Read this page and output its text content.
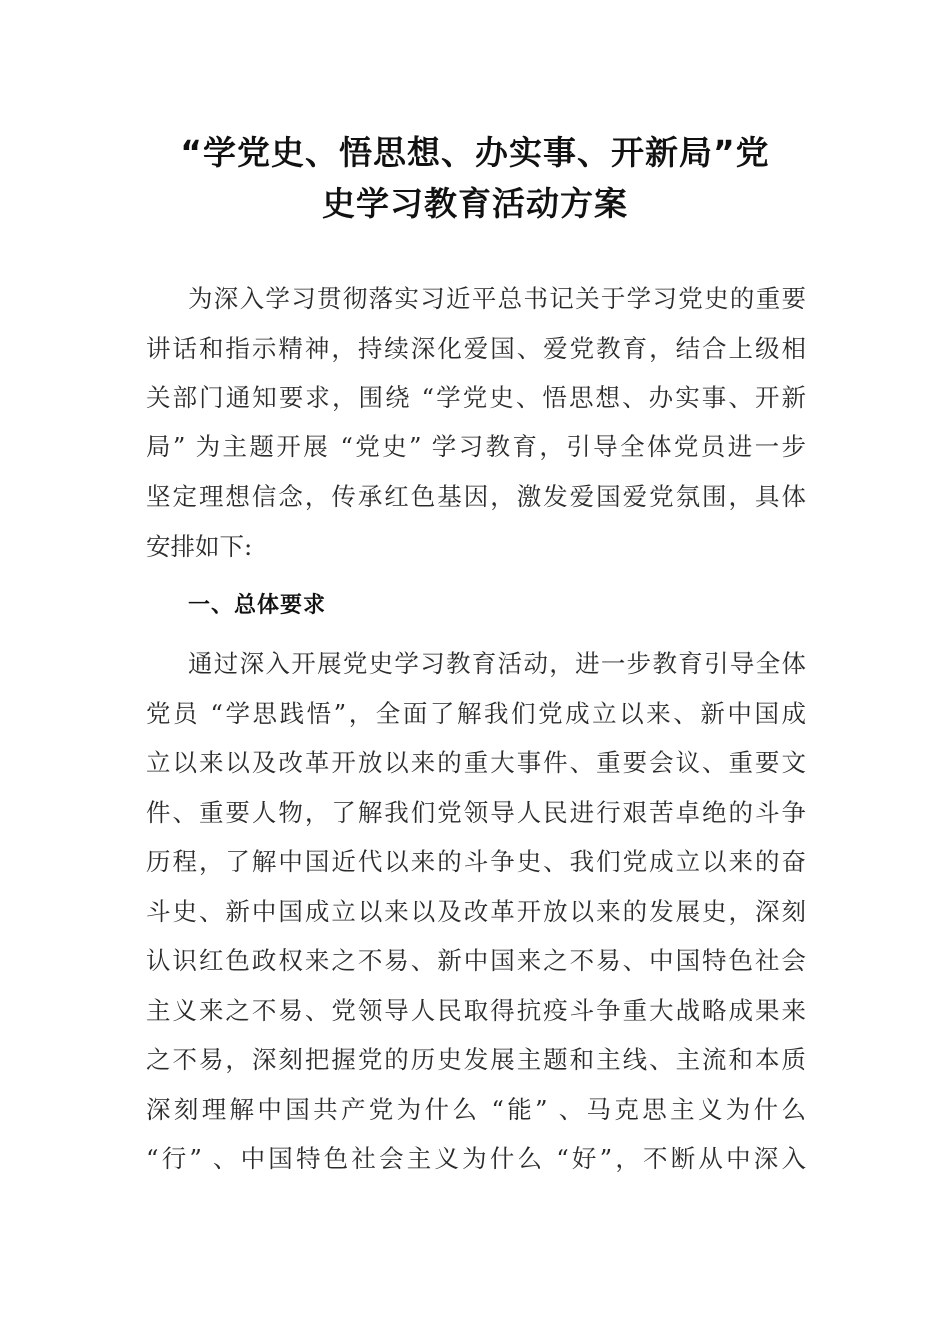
“学党史、悟思想、办实事、开新局”党
史学习教育活动方案
为深入学习贯彻落实习近平总书记关于学习党史的重要
讲话和指示精神，持续深化爱国、爱党教育，结合上级相
关部门通知要求，围绕 “学党史、悟思想、办实事、开新
局” 为主题开展 “党史” 学习教育，引导全体党员进一步
坚定理想信念，传承红色基因，激发爱国爱党氛围，具体
安排如下:
一、总体要求
通过深入开展党史学习教育活动，进一步教育引导全体
党员 “学思践悟”，全面了解我们党成立以来、新中国成
立以来以及改革开放以来的重大事件、重要会议、重要文
件、重要人物，了解我们党领导人民进行艰苦卓绝的斗争
历程，了解中国近代以来的斗争史、我们党成立以来的奋
斗史、新中国成立以来以及改革开放以来的发展史，深刻
认识红色政权来之不易、新中国来之不易、中国特色社会
主义来之不易、党领导人民取得抗疫斗争重大战略成果来
之不易，深刻把握党的历史发展主题和主线、主流和本质
深刻理解中国共产党为什么 “能” 、马克思主义为什么
“行” 、中国特色社会主义为什么 “好”，不断从中深入
